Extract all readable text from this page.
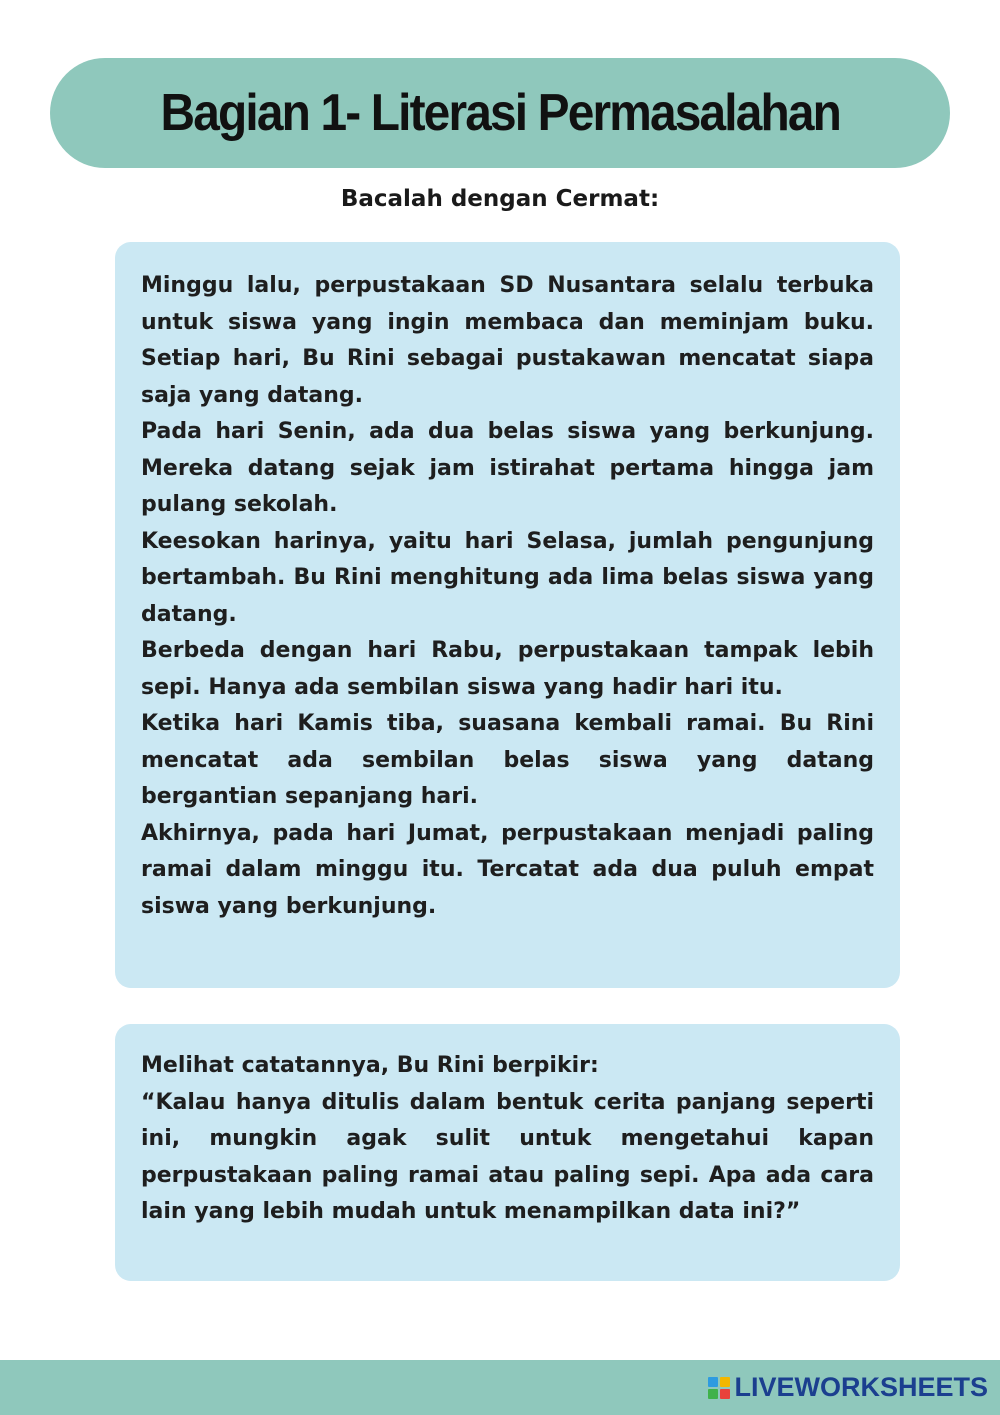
Bagian 1- Literasi Permasalahan
Bacalah dengan Cermat:

Minggu lalu, perpustakaan SD Nusantara selalu terbuka untuk siswa yang ingin membaca dan meminjam buku. Setiap hari, Bu Rini sebagai pustakawan mencatat siapa saja yang datang.

Pada hari Senin, ada dua belas siswa yang berkunjung. Mereka datang sejak jam istirahat pertama hingga jam pulang sekolah.

Keesokan harinya, yaitu hari Selasa, jumlah pengunjung bertambah. Bu Rini menghitung ada lima belas siswa yang datang.

Berbeda dengan hari Rabu, perpustakaan tampak lebih sepi. Hanya ada sembilan siswa yang hadir hari itu.

Ketika hari Kamis tiba, suasana kembali ramai. Bu Rini mencatat ada sembilan belas siswa yang datang bergantian sepanjang hari.

Akhirnya, pada hari Jumat, perpustakaan menjadi paling ramai dalam minggu itu. Tercatat ada dua puluh empat siswa yang berkunjung.

Melihat catatannya, Bu Rini berpikir:

“Kalau hanya ditulis dalam bentuk cerita panjang seperti ini, mungkin agak sulit untuk mengetahui kapan perpustakaan paling ramai atau paling sepi. Apa ada cara lain yang lebih mudah untuk menampilkan data ini?”

LIVEWORKSHEETS
